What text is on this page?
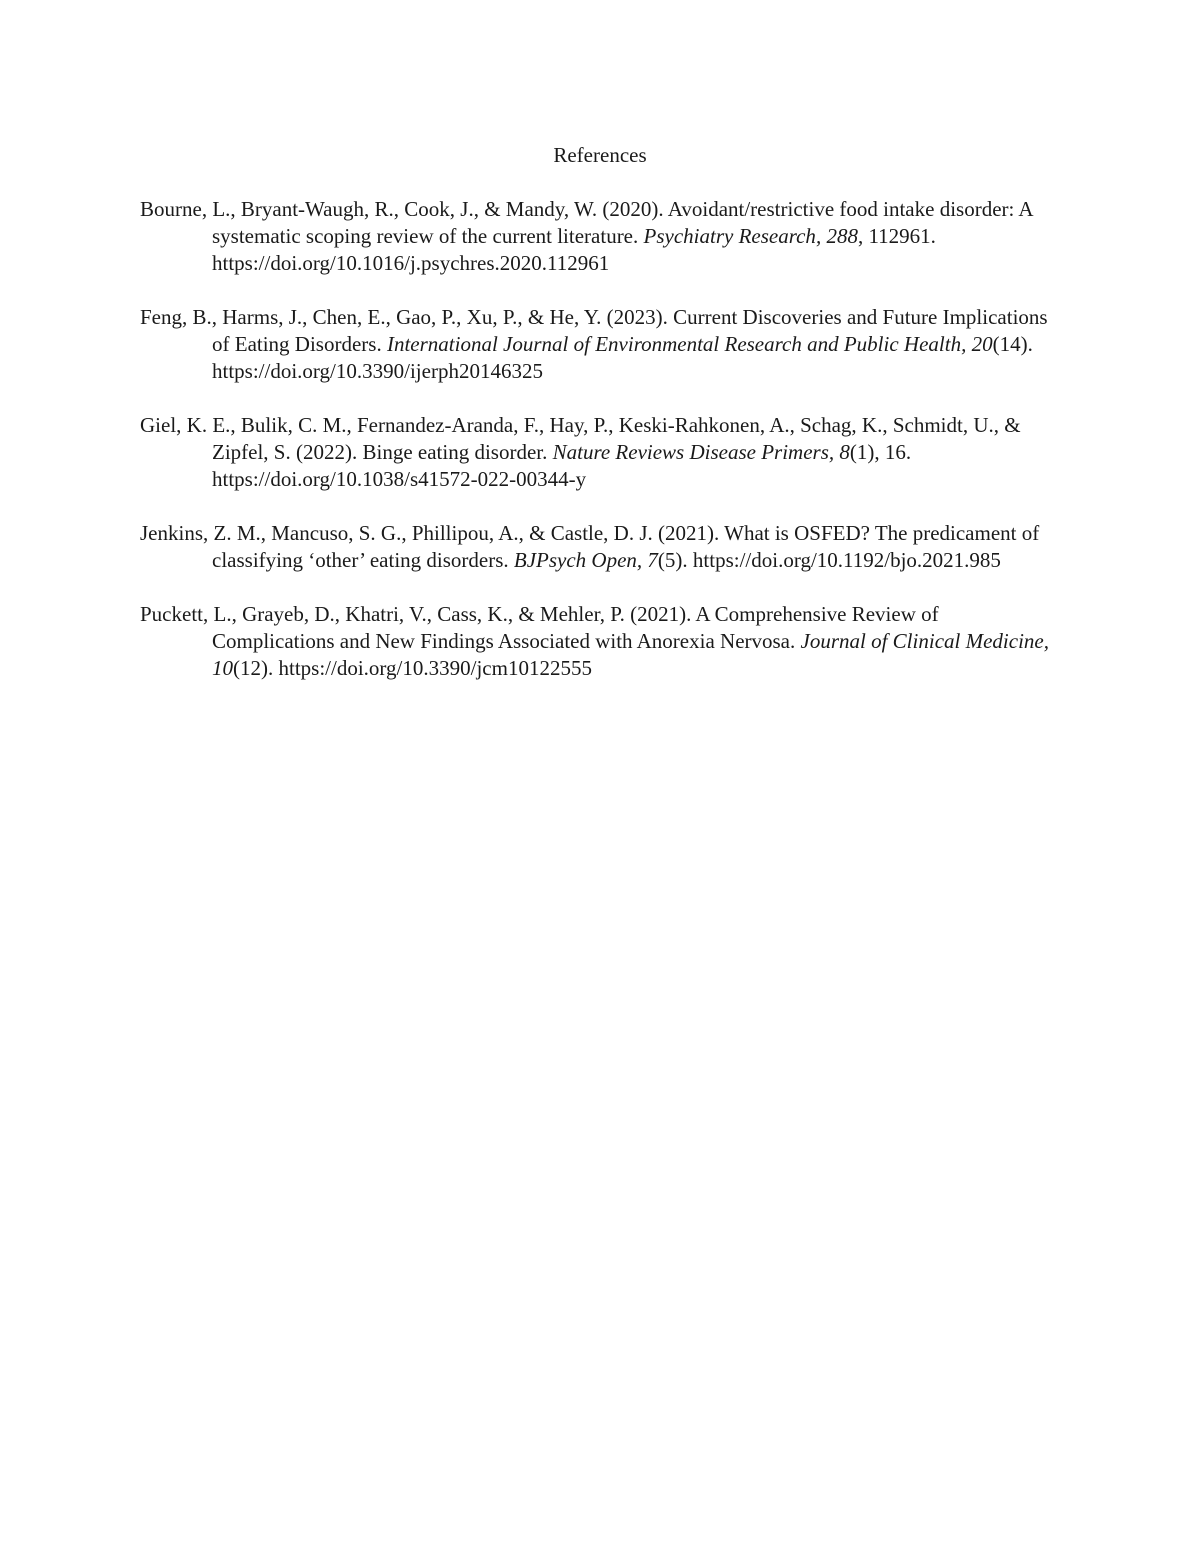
References
Bourne, L., Bryant-Waugh, R., Cook, J., & Mandy, W. (2020). Avoidant/restrictive food intake disorder: A systematic scoping review of the current literature. Psychiatry Research, 288, 112961. https://doi.org/10.1016/j.psychres.2020.112961
Feng, B., Harms, J., Chen, E., Gao, P., Xu, P., & He, Y. (2023). Current Discoveries and Future Implications of Eating Disorders. International Journal of Environmental Research and Public Health, 20(14). https://doi.org/10.3390/ijerph20146325
Giel, K. E., Bulik, C. M., Fernandez-Aranda, F., Hay, P., Keski-Rahkonen, A., Schag, K., Schmidt, U., & Zipfel, S. (2022). Binge eating disorder. Nature Reviews Disease Primers, 8(1), 16. https://doi.org/10.1038/s41572-022-00344-y
Jenkins, Z. M., Mancuso, S. G., Phillipou, A., & Castle, D. J. (2021). What is OSFED? The predicament of classifying ‘other’ eating disorders. BJPsych Open, 7(5). https://doi.org/10.1192/bjo.2021.985
Puckett, L., Grayeb, D., Khatri, V., Cass, K., & Mehler, P. (2021). A Comprehensive Review of Complications and New Findings Associated with Anorexia Nervosa. Journal of Clinical Medicine, 10(12). https://doi.org/10.3390/jcm10122555
